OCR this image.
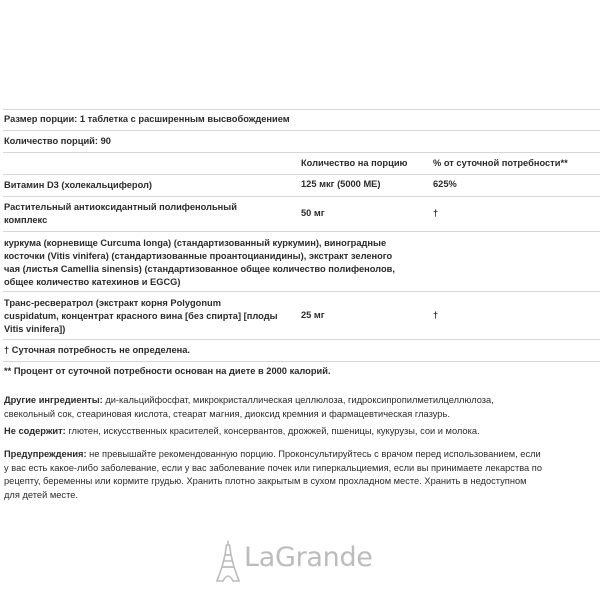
Размер порции: 1 таблетка с расширенным высвобождением
Количество порций: 90
Количество на порцию	% от суточной потребности**
Витамин D3 (холекальциферол)	125 мкг (5000 МЕ)	625%
Растительный антиоксидантный полифенольный
комплекс
50 мг	†
куркума (корневище Curcuma longa) (стандартизованный куркумин), виноградные
косточки (Vitis vinifera) (стандартизованные проантоцианидины), экстракт зеленого
чая (листья Camellia sinensis) (стандартизованное общее количество полифенолов,
общее количество катехинов и EGCG)
Транс-ресвератрол (экстракт корня Polygonum
cuspidatum, концентрат красного вина [без спирта] [плоды
Vitis vinifera])
25 мг	†
† Суточная потребность не определена.
** Процент от суточной потребности основан на диете в 2000 калорий.
Другие ингредиенты: ди-кальцийфосфат, микрокристаллическая целлюлоза, гидроксипропилметилцеллюлоза,
свекольный сок, стеариновая кислота, стеарат магния, диоксид кремния и фармацевтическая глазурь.
Не содержит: глютен, искусственных красителей, консервантов, дрожжей, пшеницы, кукурузы, сои и молока.
Предупреждения: не превышайте рекомендованную порцию. Проконсультируйтесь с врачом перед использованием, если
у вас есть какое-либо заболевание, если у вас заболевание почек или гиперкальциемия, если вы принимаете лекарства по
рецепту, беременны или кормите грудью. Хранить плотно закрытым в сухом прохладном месте. Хранить в недоступном
для детей месте.
LaGrande
